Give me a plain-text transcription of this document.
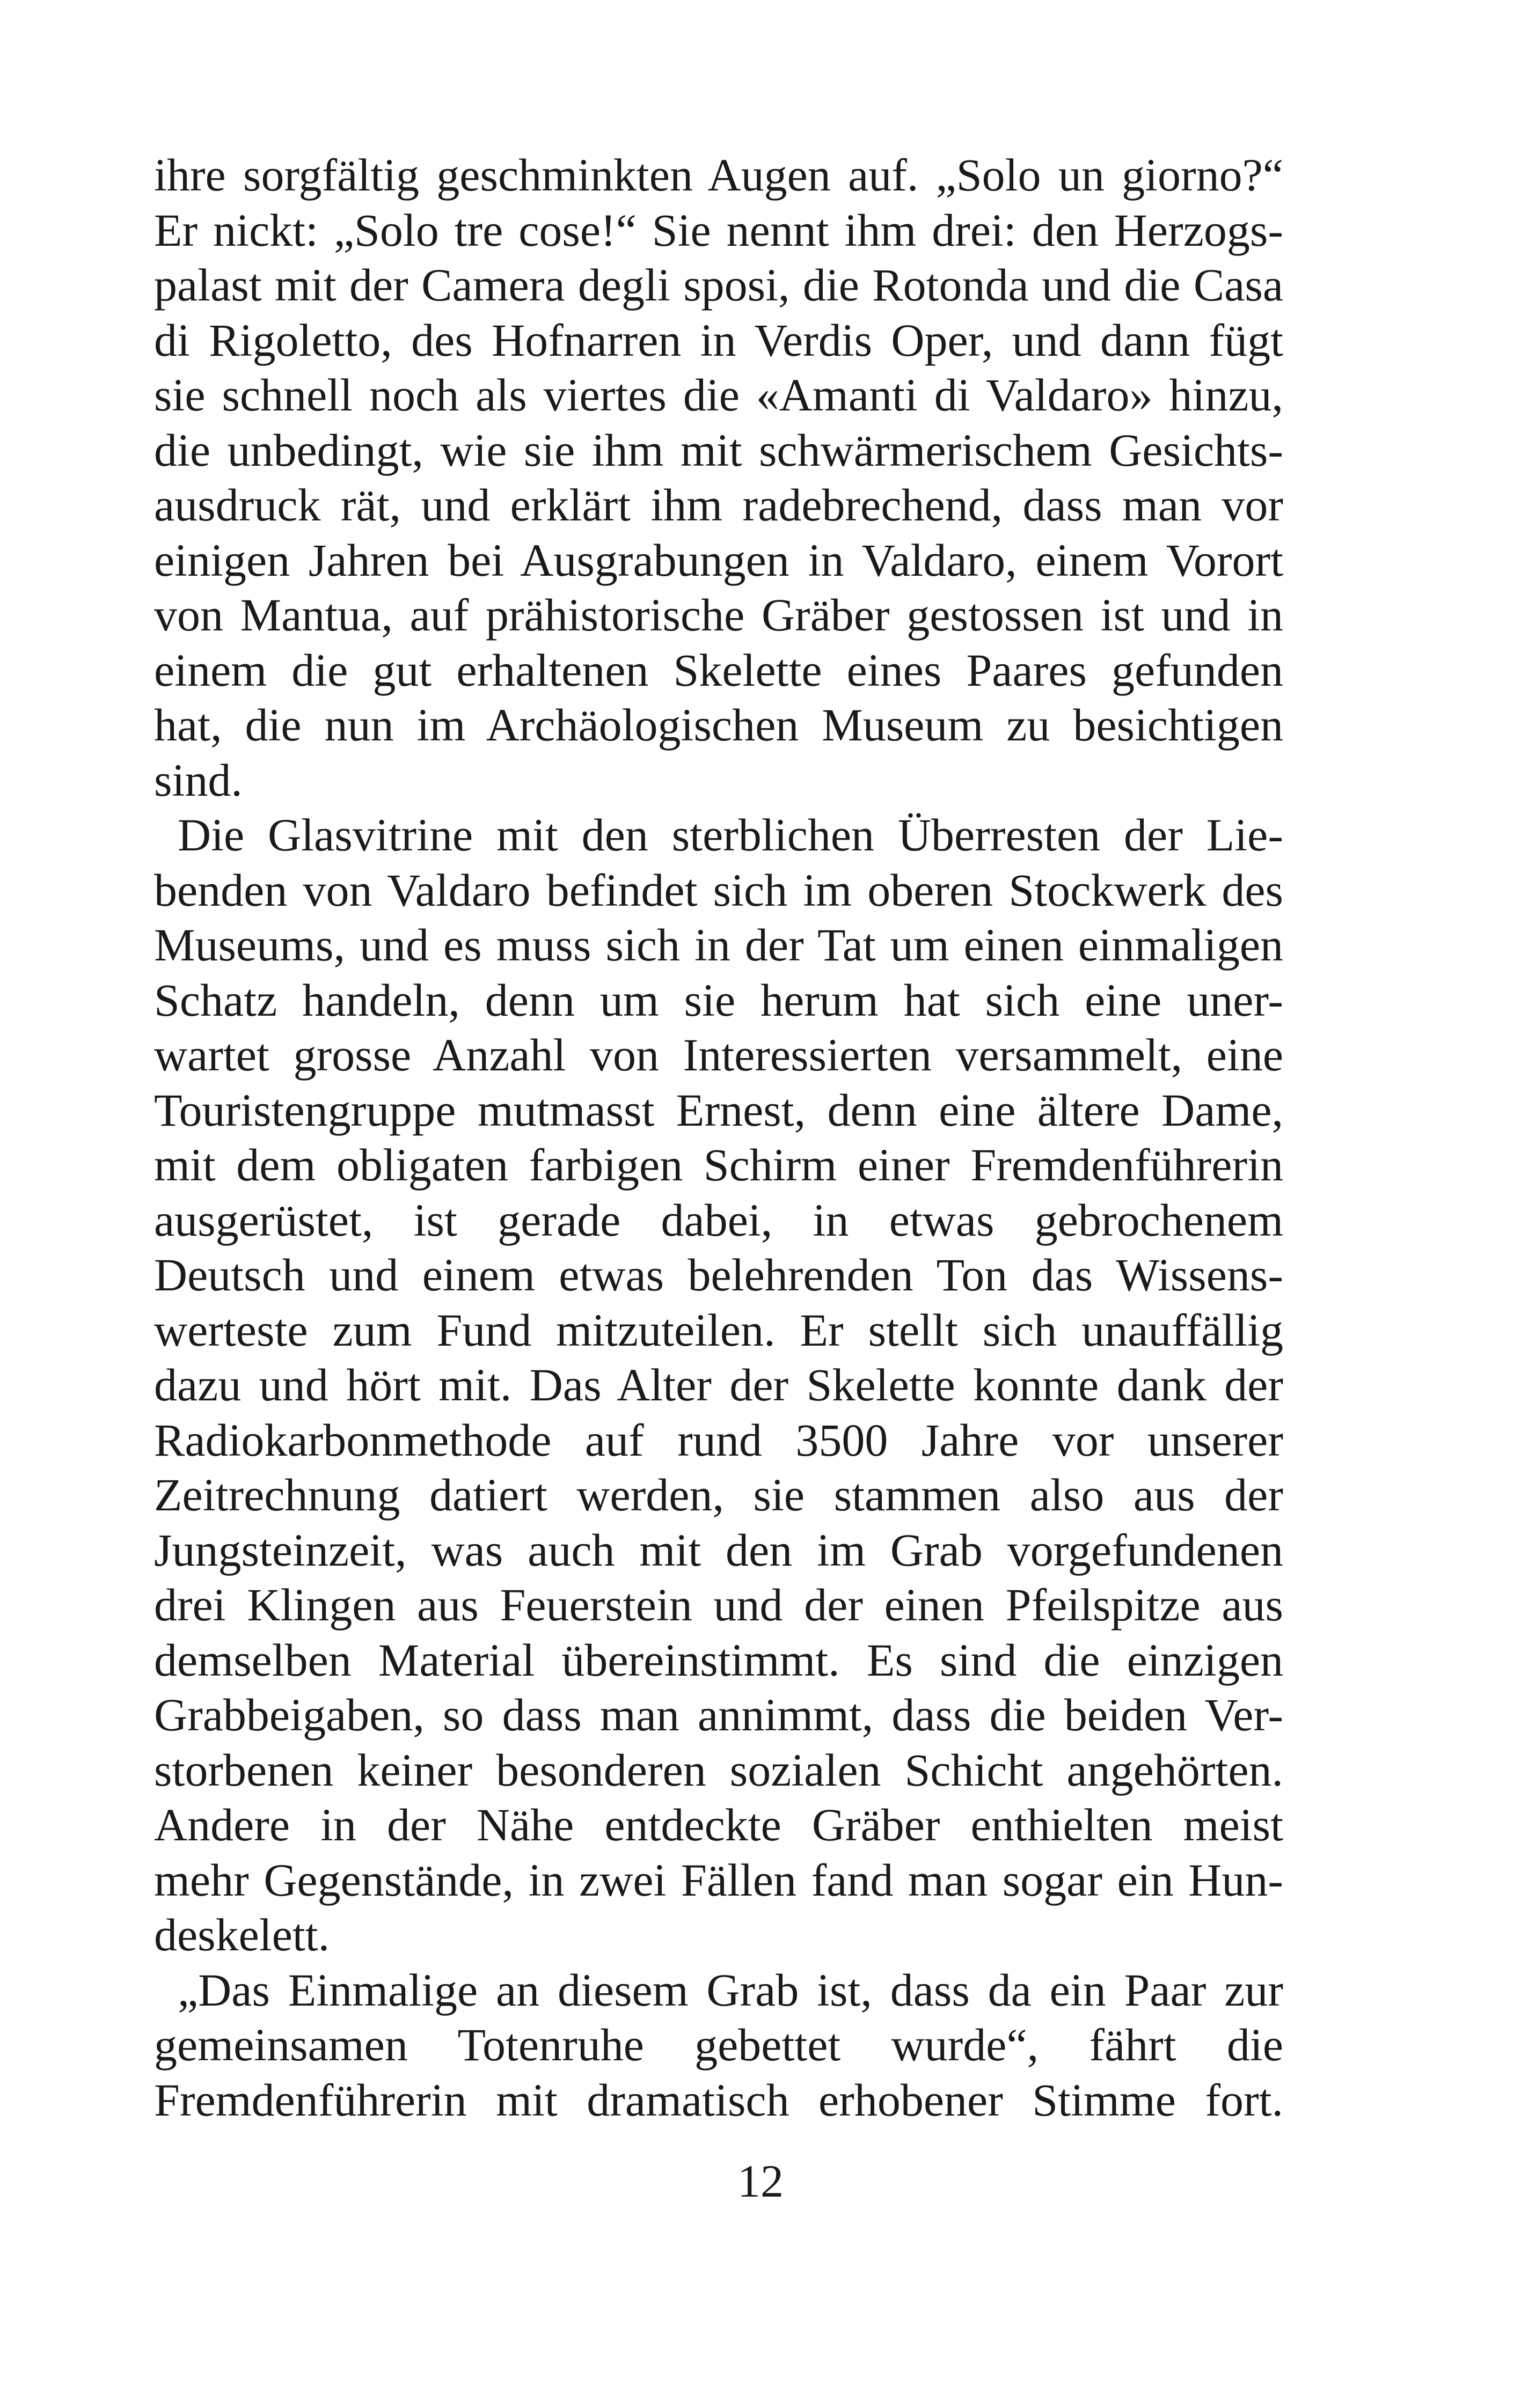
ihre sorgfältig geschminkten Augen auf. „Solo un giorno?“
Er nickt: „Solo tre cose!“ Sie nennt ihm drei: den Herzogs-
palast mit der Camera degli sposi, die Rotonda und die Casa
di Rigoletto, des Hofnarren in Verdis Oper, und dann fügt
sie schnell noch als viertes die «Amanti di Valdaro» hinzu,
die unbedingt, wie sie ihm mit schwärmerischem Gesichts-
ausdruck rät, und erklärt ihm radebrechend, dass man vor
einigen Jahren bei Ausgrabungen in Valdaro, einem Vorort
von Mantua, auf prähistorische Gräber gestossen ist und in
einem die gut erhaltenen Skelette eines Paares gefunden
hat, die nun im Archäologischen Museum zu besichtigen
sind.
Die Glasvitrine mit den sterblichen Überresten der Lie-
benden von Valdaro befindet sich im oberen Stockwerk des
Museums, und es muss sich in der Tat um einen einmaligen
Schatz handeln, denn um sie herum hat sich eine uner-
wartet grosse Anzahl von Interessierten versammelt, eine
Touristengruppe mutmasst Ernest, denn eine ältere Dame,
mit dem obligaten farbigen Schirm einer Fremdenführerin
ausgerüstet, ist gerade dabei, in etwas gebrochenem
Deutsch und einem etwas belehrenden Ton das Wissens-
werteste zum Fund mitzuteilen. Er stellt sich unauffällig
dazu und hört mit. Das Alter der Skelette konnte dank der
Radiokarbonmethode auf rund 3500 Jahre vor unserer
Zeitrechnung datiert werden, sie stammen also aus der
Jungsteinzeit, was auch mit den im Grab vorgefundenen
drei Klingen aus Feuerstein und der einen Pfeilspitze aus
demselben Material übereinstimmt. Es sind die einzigen
Grabbeigaben, so dass man annimmt, dass die beiden Ver-
storbenen keiner besonderen sozialen Schicht angehörten.
Andere in der Nähe entdeckte Gräber enthielten meist
mehr Gegenstände, in zwei Fällen fand man sogar ein Hun-
deskelett.
„Das Einmalige an diesem Grab ist, dass da ein Paar zur
gemeinsamen Totenruhe gebettet wurde“, fährt die
Fremdenführerin mit dramatisch erhobener Stimme fort.
12
